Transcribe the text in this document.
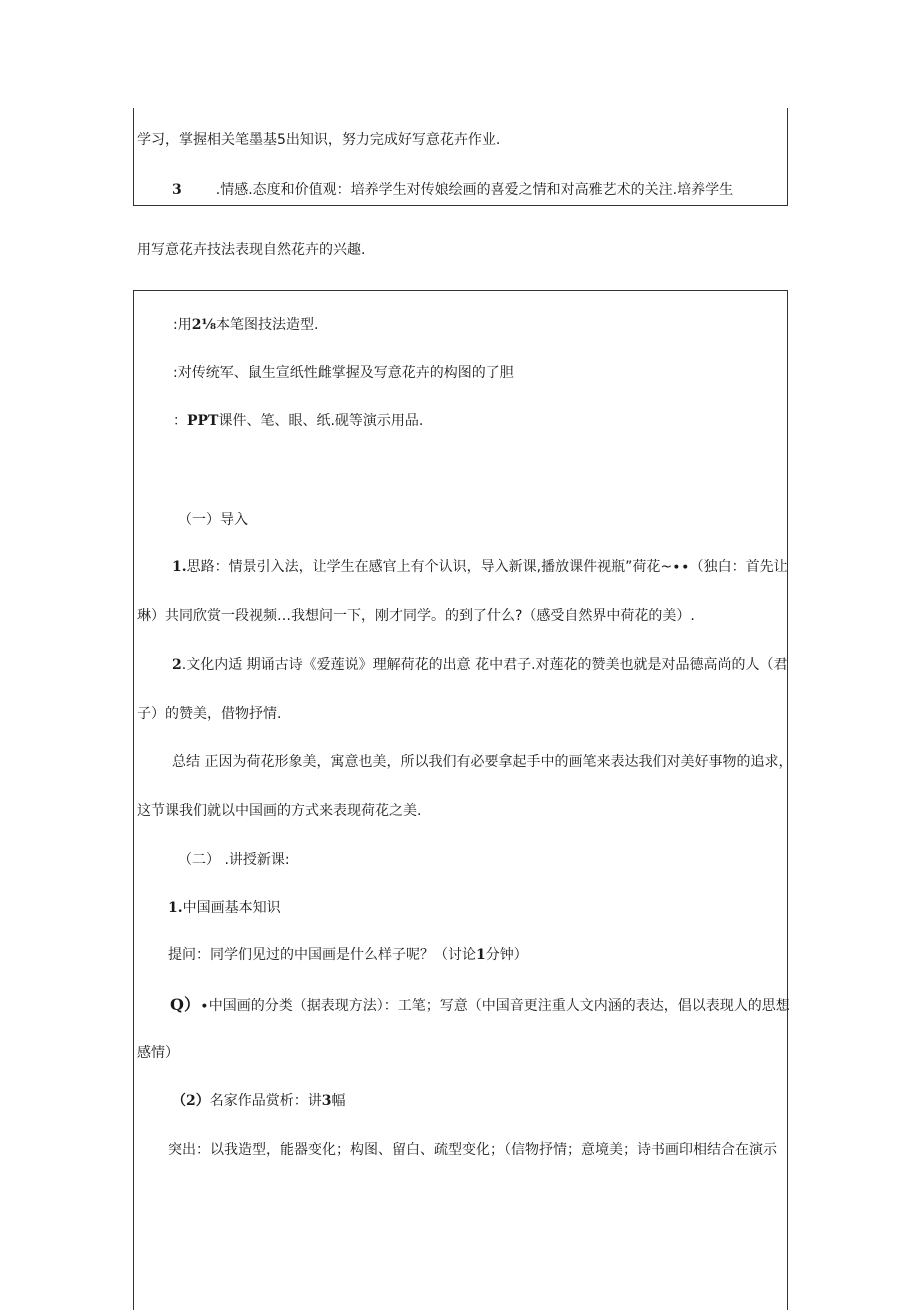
学习，掌握相关笔墨基5出知识，努力完成好写意花卉作业.
3 .情感.态度和价值观：培养学生对传娘绘画的喜爱之情和对高雅艺术的关注.培养学生
用写意花卉技法表现自然花卉的兴趣.
:用2⅛本笔图技法造型.
:对传统军、鼠生宣纸性雌掌握及写意花卉的构图的了胆
：PPT课件、笔、眼、纸.砚等演示用品.
（一）导入
1.思路：情景引入法，让学生在感官上有个认识，导入新课,播放课件视瓶”荷花~∙∙（独白：首先让
琳）共同欣赏一段视频…我想问一下，刚才同学。的到了什么?（感受自然界中荷花的美）.
2.文化内适 期诵古诗《爱莲说》理解荷花的出意 花中君子.对莲花的赞美也就是对品德高尚的人（君
子）的赞美，借物抒情.
总结 正因为荷花形象美，寓意也美，所以我们有必要拿起手中的画笔来表达我们对美好事物的追求，
这节课我们就以中国画的方式来表现荷花之美.
（二） .讲授新课:
1.中国画基本知识
提问：同学们见过的中国画是什么样子呢？（讨论1分钟）
Q）∙中国画的分类（据表现方法）：工笔；写意（中国音更注重人文内涵的表达，倡以表现人的思想
感情）
（2）名家作品赏析：讲3幅
突出：以我造型，能器变化；构图、留白、疏型变化；（信物抒情；意境美；诗书画印相结合在演示
